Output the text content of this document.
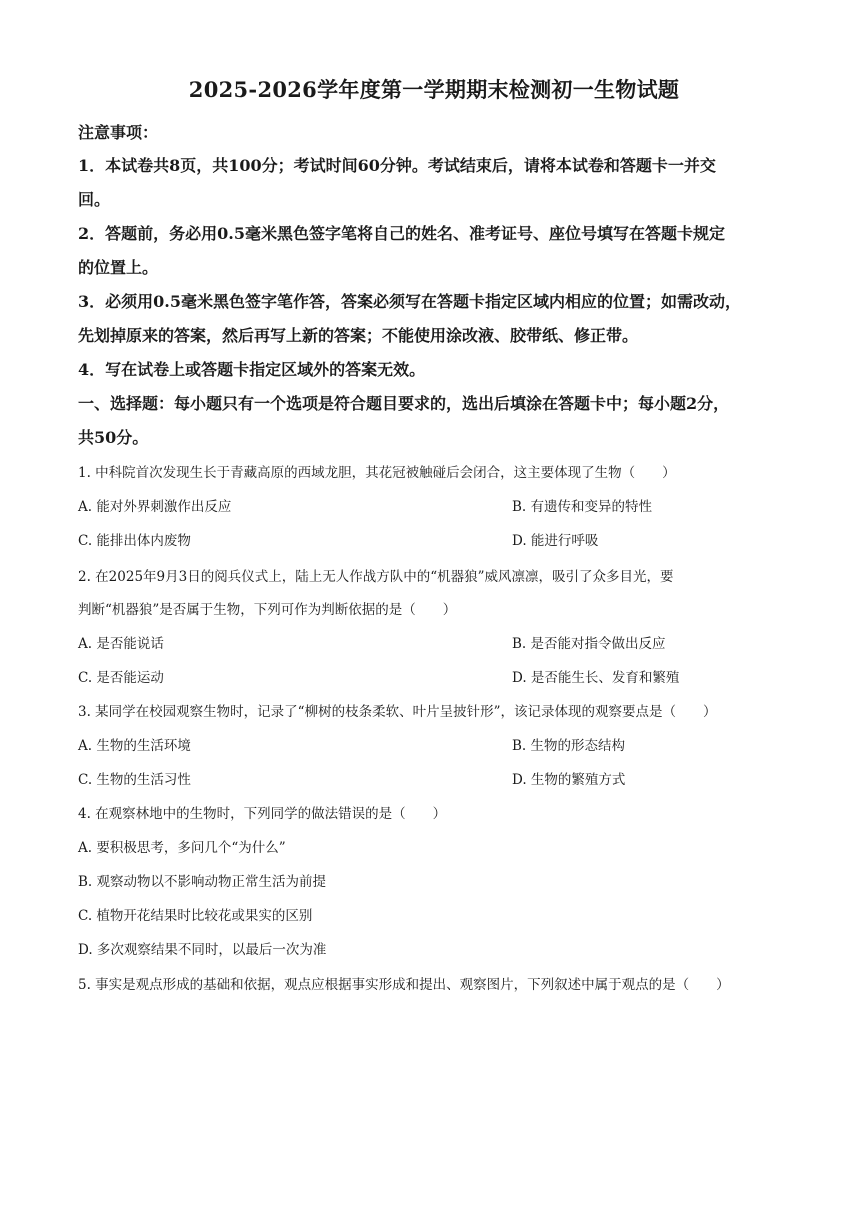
2025-2026学年度第一学期期末检测初一生物试题
注意事项：
1．本试卷共8页，共100分；考试时间60分钟。考试结束后，请将本试卷和答题卡一并交
回。
2．答题前，务必用0.5毫米黑色签字笔将自己的姓名、准考证号、座位号填写在答题卡规定
的位置上。
3．必须用0.5毫米黑色签字笔作答，答案必须写在答题卡指定区域内相应的位置；如需改动，
先划掉原来的答案，然后再写上新的答案；不能使用涂改液、胶带纸、修正带。
4．写在试卷上或答题卡指定区域外的答案无效。
一、选择题：每小题只有一个选项是符合题目要求的，选出后填涂在答题卡中；每小题2分，
共50分。
1. 中科院首次发现生长于青藏高原的西域龙胆，其花冠被触碰后会闭合，这主要体现了生物（　　）
A. 能对外界刺激作出反应	B. 有遗传和变异的特性
C. 能排出体内废物	D. 能进行呼吸
2. 在2025年9月3日的阅兵仪式上，陆上无人作战方队中的“机器狼”威风凛凛，吸引了众多目光，要
判断“机器狼”是否属于生物，下列可作为判断依据的是（　　）
A. 是否能说话	B. 是否能对指令做出反应
C. 是否能运动	D. 是否能生长、发育和繁殖
3. 某同学在校园观察生物时，记录了“柳树的枝条柔软、叶片呈披针形”，该记录体现的观察要点是（　　）
A. 生物的生活环境	B. 生物的形态结构
C. 生物的生活习性	D. 生物的繁殖方式
4. 在观察林地中的生物时，下列同学的做法错误的是（　　）
A. 要积极思考，多问几个“为什么”
B. 观察动物以不影响动物正常生活为前提
C. 植物开花结果时比较花或果实的区别
D. 多次观察结果不同时，以最后一次为准
5. 事实是观点形成的基础和依据，观点应根据事实形成和提出、观察图片，下列叙述中属于观点的是（　　）
